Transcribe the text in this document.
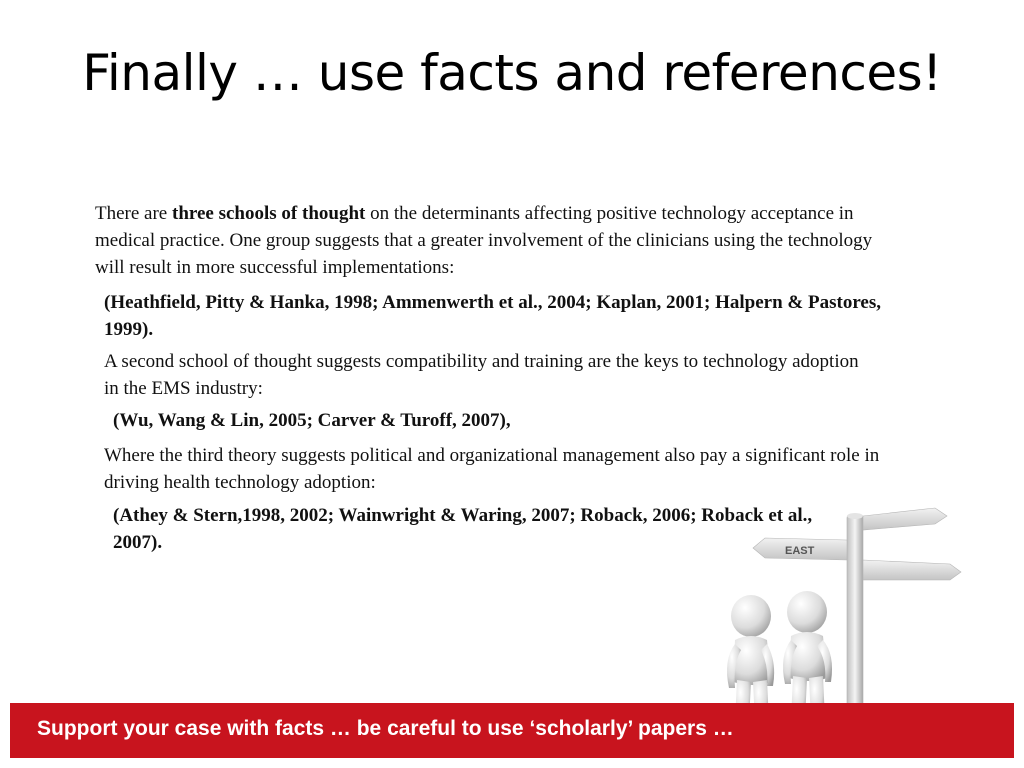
Finally … use facts and references!

There are three schools of thought on the determinants affecting positive technology acceptance in medical practice. One group suggests that a greater involvement of the clinicians using the technology will result in more successful implementations:

(Heathfield, Pitty & Hanka, 1998; Ammenwerth et al., 2004; Kaplan, 2001; Halpern & Pastores, 1999).

A second school of thought suggests compatibility and training are the keys to technology adoption in the EMS industry:

(Wu, Wang & Lin, 2005; Carver & Turoff, 2007),

Where the third theory suggests political and organizational management also pay a significant role in driving health technology adoption:

(Athey & Stern,1998, 2002; Wainwright & Waring, 2007; Roback, 2006; Roback et al., 2007).	EAST
Support your case with facts … be careful to use ‘scholarly’ papers …
